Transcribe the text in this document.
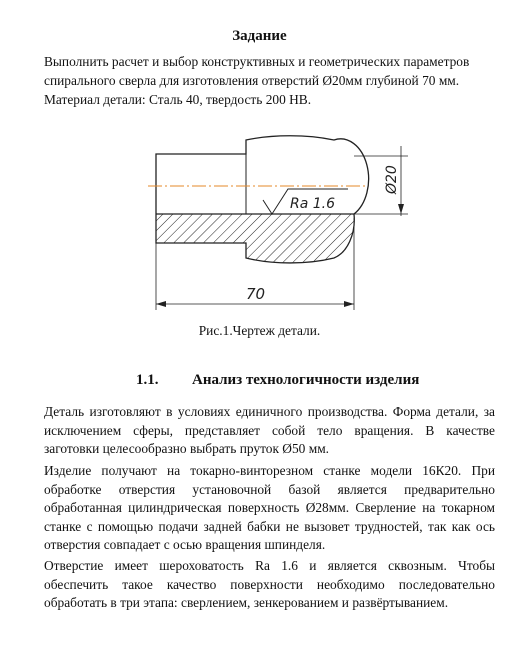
Задание
Выполнить расчет и выбор конструктивных и геометрических параметров
спирального сверла для изготовления отверстий Ø20мм глубиной 70 мм.
Материал детали: Сталь 40, твердость 200 HB.
Ra 1.6
Ø20
70
Рис.1.Чертеж детали.
1.1. Анализ технологичности изделия
Деталь изготовляют в условиях единичного производства. Форма детали, за
исключением сферы, представляет собой тело вращения. В качестве
заготовки целесообразно выбрать пруток Ø50 мм.
Изделие получают на токарно-винторезном станке модели 16К20. При
обработке отверстия установочной базой является предварительно
обработанная цилиндрическая поверхность Ø28мм. Сверление на токарном
станке с помощью подачи задней бабки не вызовет трудностей, так как ось
отверстия совпадает с осью вращения шпинделя.
Отверстие имеет шероховатость Ra 1.6 и является сквозным. Чтобы
обеспечить такое качество поверхности необходимо последовательно
обработать в три этапа: сверлением, зенкерованием и развёртыванием.
